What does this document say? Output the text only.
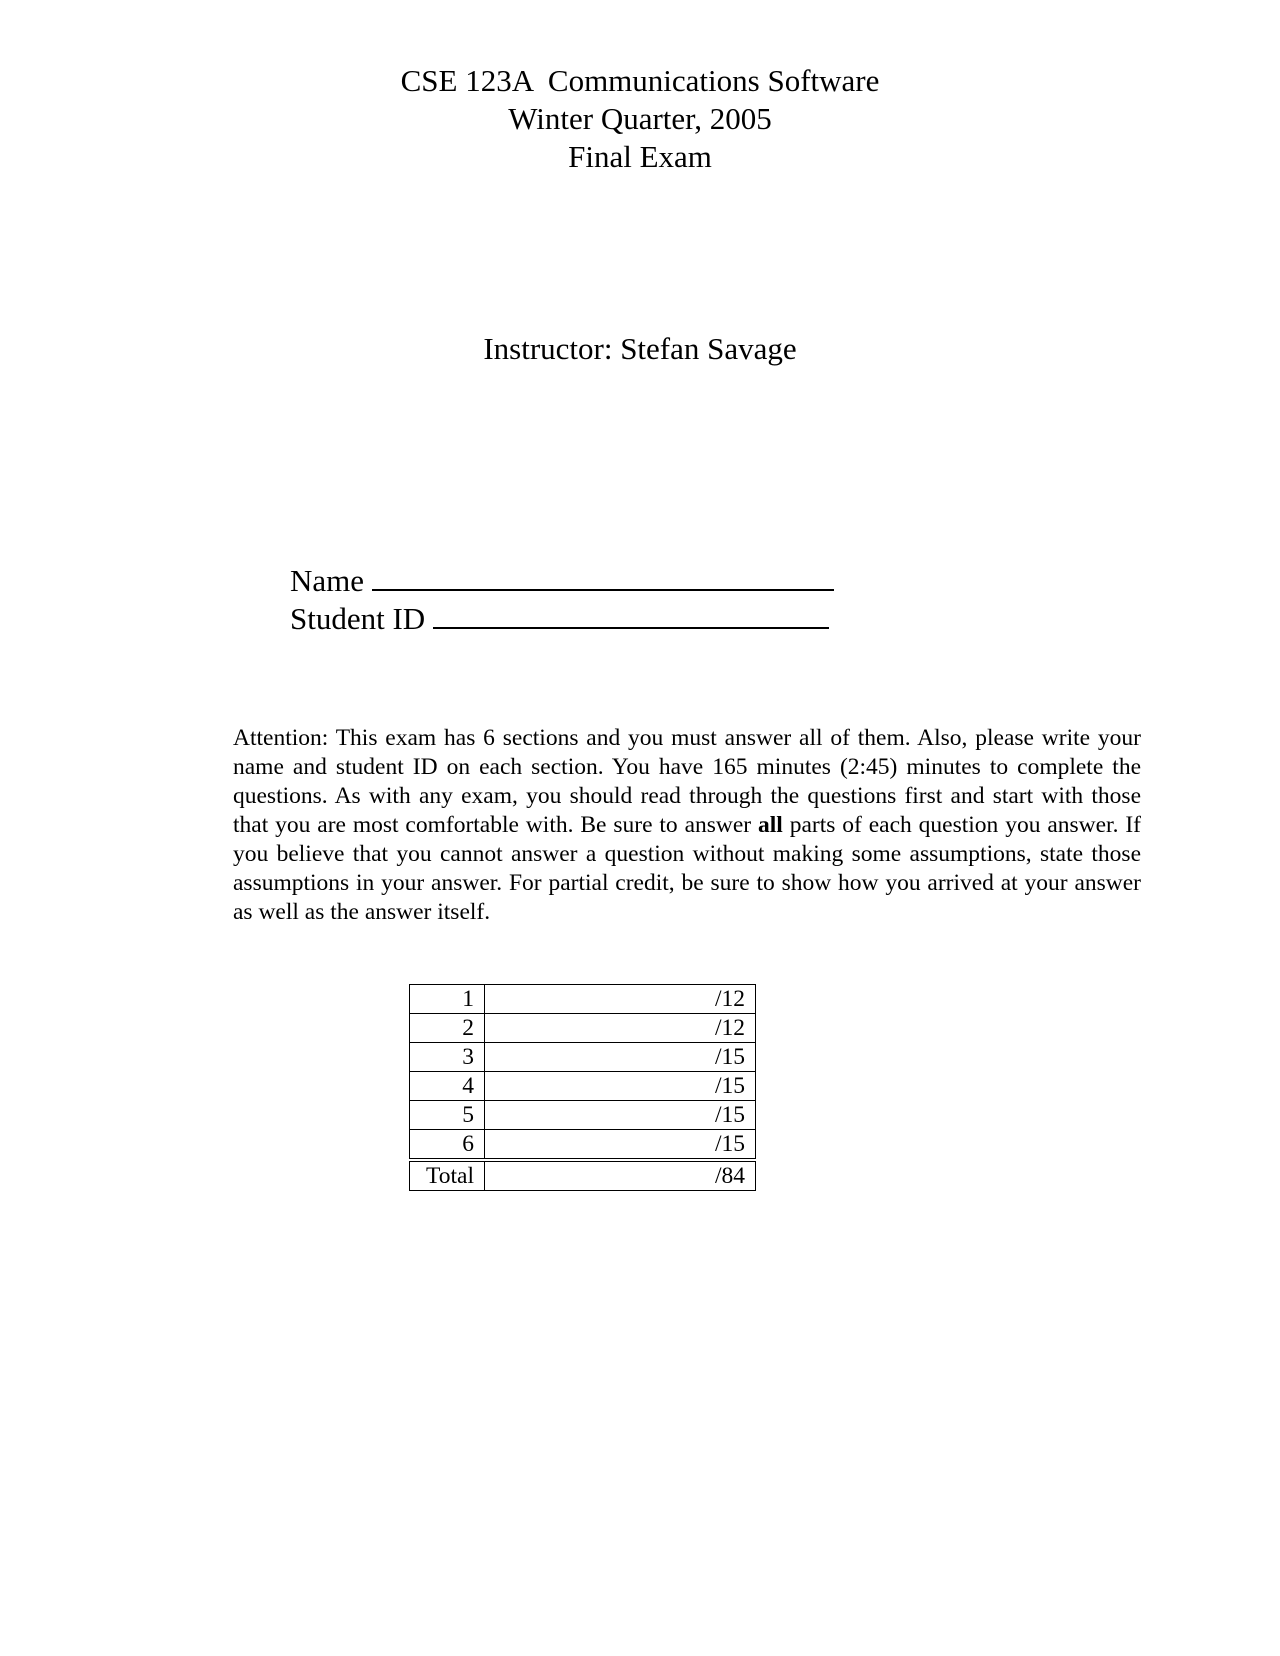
CSE 123A  Communications Software
Winter Quarter, 2005
Final Exam
Instructor: Stefan Savage
Name
Student ID
Attention: This exam has 6 sections and you must answer all of them. Also, please write your name and student ID on each section. You have 165 minutes (2:45) minutes to complete the questions. As with any exam, you should read through the questions first and start with those that you are most comfortable with. Be sure to answer all parts of each question you answer. If you believe that you cannot answer a question without making some assumptions, state those assumptions in your answer. For partial credit, be sure to show how you arrived at your answer as well as the answer itself.
1	/12
2	/12
3	/15
4	/15
5	/15
6	/15
Total	/84
